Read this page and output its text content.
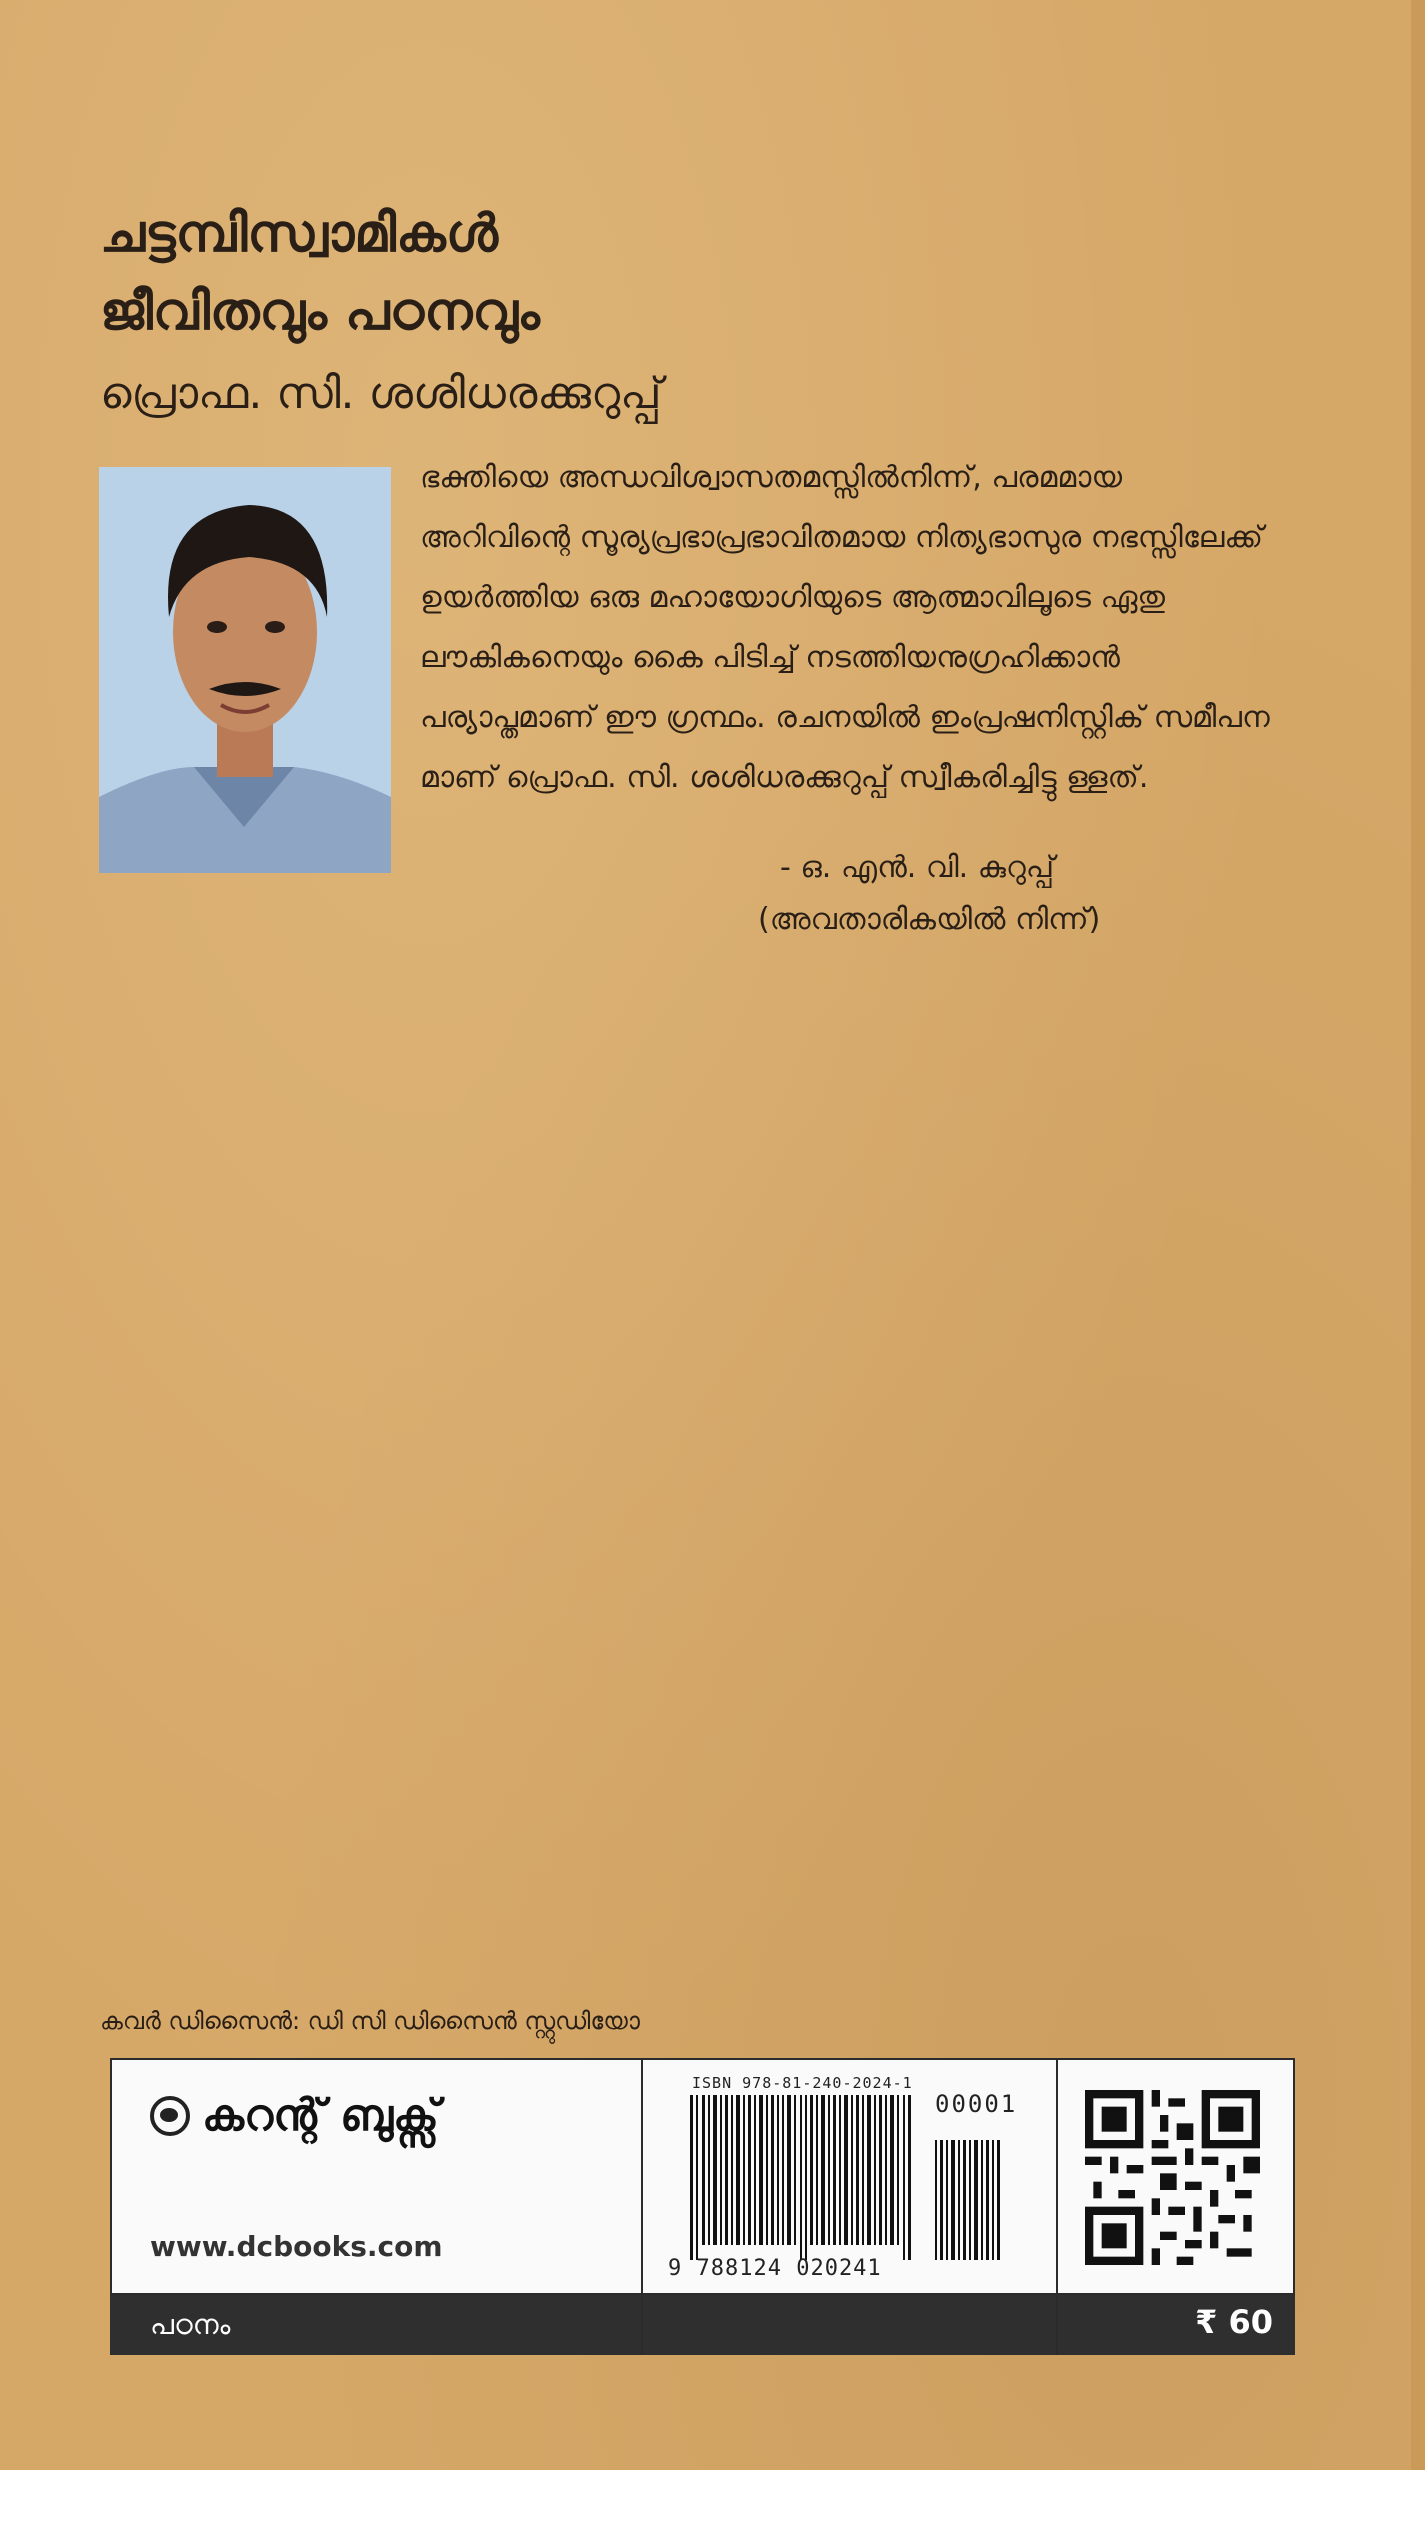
ചട്ടമ്പിസ്വാമികൾ
ജീവിതവും പഠനവും
പ്രൊഫ. സി. ശശിധരക്കുറുപ്പ്

ഭക്തിയെ അന്ധവിശ്വാസതമസ്സിൽനിന്ന്, പരമമായ അറിവിന്റെ സൂര്യപ്രഭാപ്രഭാവിതമായ നിത്യഭാസുര നഭസ്സിലേക്ക് ഉയർത്തിയ ഒരു മഹായോഗിയുടെ ആത്മാവിലൂടെ ഏതു ലൗകികനെയും കൈ പിടിച്ച് നടത്തിയനുഗ്രഹിക്കാൻ പര്യാപ്തമാണ് ഈ ഗ്രന്ഥം. രചനയിൽ ഇംപ്രഷനിസ്റ്റിക് സമീപന മാണ് പ്രൊഫ. സി. ശശിധരക്കുറുപ്പ് സ്വീകരിച്ചിട്ടു ള്ളത്.

- ഒ. എൻ. വി. കുറുപ്പ്
(അവതാരികയിൽ നിന്ന്)
കവർ ഡിസൈൻ: ഡി സി ഡിസൈൻ സ്റ്റുഡിയോ
കറന്റ് ബുക്സ്
www.dcbooks.com
ISBN 978-81-240-2024-1
00001
9 788124 020241
പഠനം	₹ 60
